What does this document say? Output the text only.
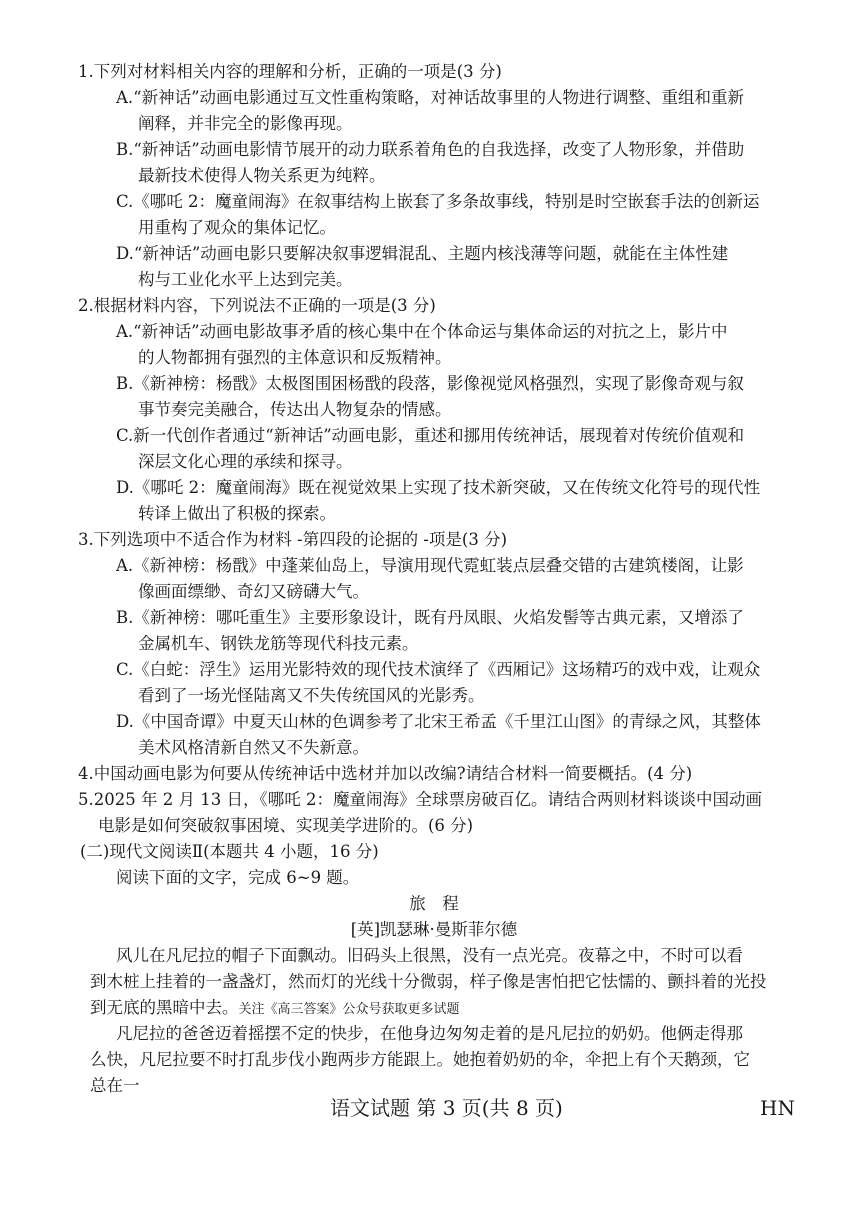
1.下列对材料相关内容的理解和分析，正确的一项是(3 分)
A.“新神话”动画电影通过互文性重构策略，对神话故事里的人物进行调整、重组和重新
阐释，并非完全的影像再现。
B.“新神话”动画电影情节展开的动力联系着角色的自我选择，改变了人物形象，并借助
最新技术使得人物关系更为纯粹。
C.《哪吒 2：魔童闹海》在叙事结构上嵌套了多条故事线，特别是时空嵌套手法的创新运
用重构了观众的集体记忆。
D.“新神话”动画电影只要解决叙事逻辑混乱、主题内核浅薄等问题，就能在主体性建
构与工业化水平上达到完美。
2.根据材料内容，下列说法不正确的一项是(3 分)
A.“新神话”动画电影故事矛盾的核心集中在个体命运与集体命运的对抗之上，影片中
的人物都拥有强烈的主体意识和反叛精神。
B.《新神榜：杨戬》太极图围困杨戬的段落，影像视觉风格强烈，实现了影像奇观与叙
事节奏完美融合，传达出人物复杂的情感。
C.新一代创作者通过“新神话”动画电影，重述和挪用传统神话，展现着对传统价值观和
深层文化心理的承续和探寻。
D.《哪吒 2：魔童闹海》既在视觉效果上实现了技术新突破，又在传统文化符号的现代性
转译上做出了积极的探索。
3.下列选项中不适合作为材料 -第四段的论据的 -项是(3 分)
A.《新神榜：杨戬》中蓬莱仙岛上，导演用现代霓虹装点层叠交错的古建筑楼阁，让影
像画面缥缈、奇幻又磅礴大气。
B.《新神榜：哪吒重生》主要形象设计，既有丹凤眼、火焰发髻等古典元素，又增添了
金属机车、钢铁龙筋等现代科技元素。
C.《白蛇：浮生》运用光影特效的现代技术演绎了《西厢记》这场精巧的戏中戏，让观众
看到了一场光怪陆离又不失传统国风的光影秀。
D.《中国奇谭》中夏天山林的色调参考了北宋王希孟《千里江山图》的青绿之风，其整体
美术风格清新自然又不失新意。
4.中国动画电影为何要从传统神话中选材并加以改编?请结合材料一简要概括。(4 分)
5.2025 年 2 月 13 日，《哪吒 2：魔童闹海》全球票房破百亿。请结合两则材料谈谈中国动画
电影是如何突破叙事困境、实现美学进阶的。(6 分)
(二)现代文阅读Ⅱ(本题共 4 小题，16 分)
阅读下面的文字，完成 6~9 题。
旅　程
[英]凯瑟琳·曼斯菲尔德
风儿在凡尼拉的帽子下面飘动。旧码头上很黑，没有一点光亮。夜幕之中，不时可以看
到木桩上挂着的一盏盏灯，然而灯的光线十分微弱，样子像是害怕把它怯懦的、颤抖着的光投
到无底的黑暗中去。关注《高三答案》公众号获取更多试题
凡尼拉的爸爸迈着摇摆不定的快步，在他身边匆匆走着的是凡尼拉的奶奶。他俩走得那
么快，凡尼拉要不时打乱步伐小跑两步方能跟上。她抱着奶奶的伞，伞把上有个天鹅颈，它
总在一
语文试题 第 3 页(共 8 页)	HN
